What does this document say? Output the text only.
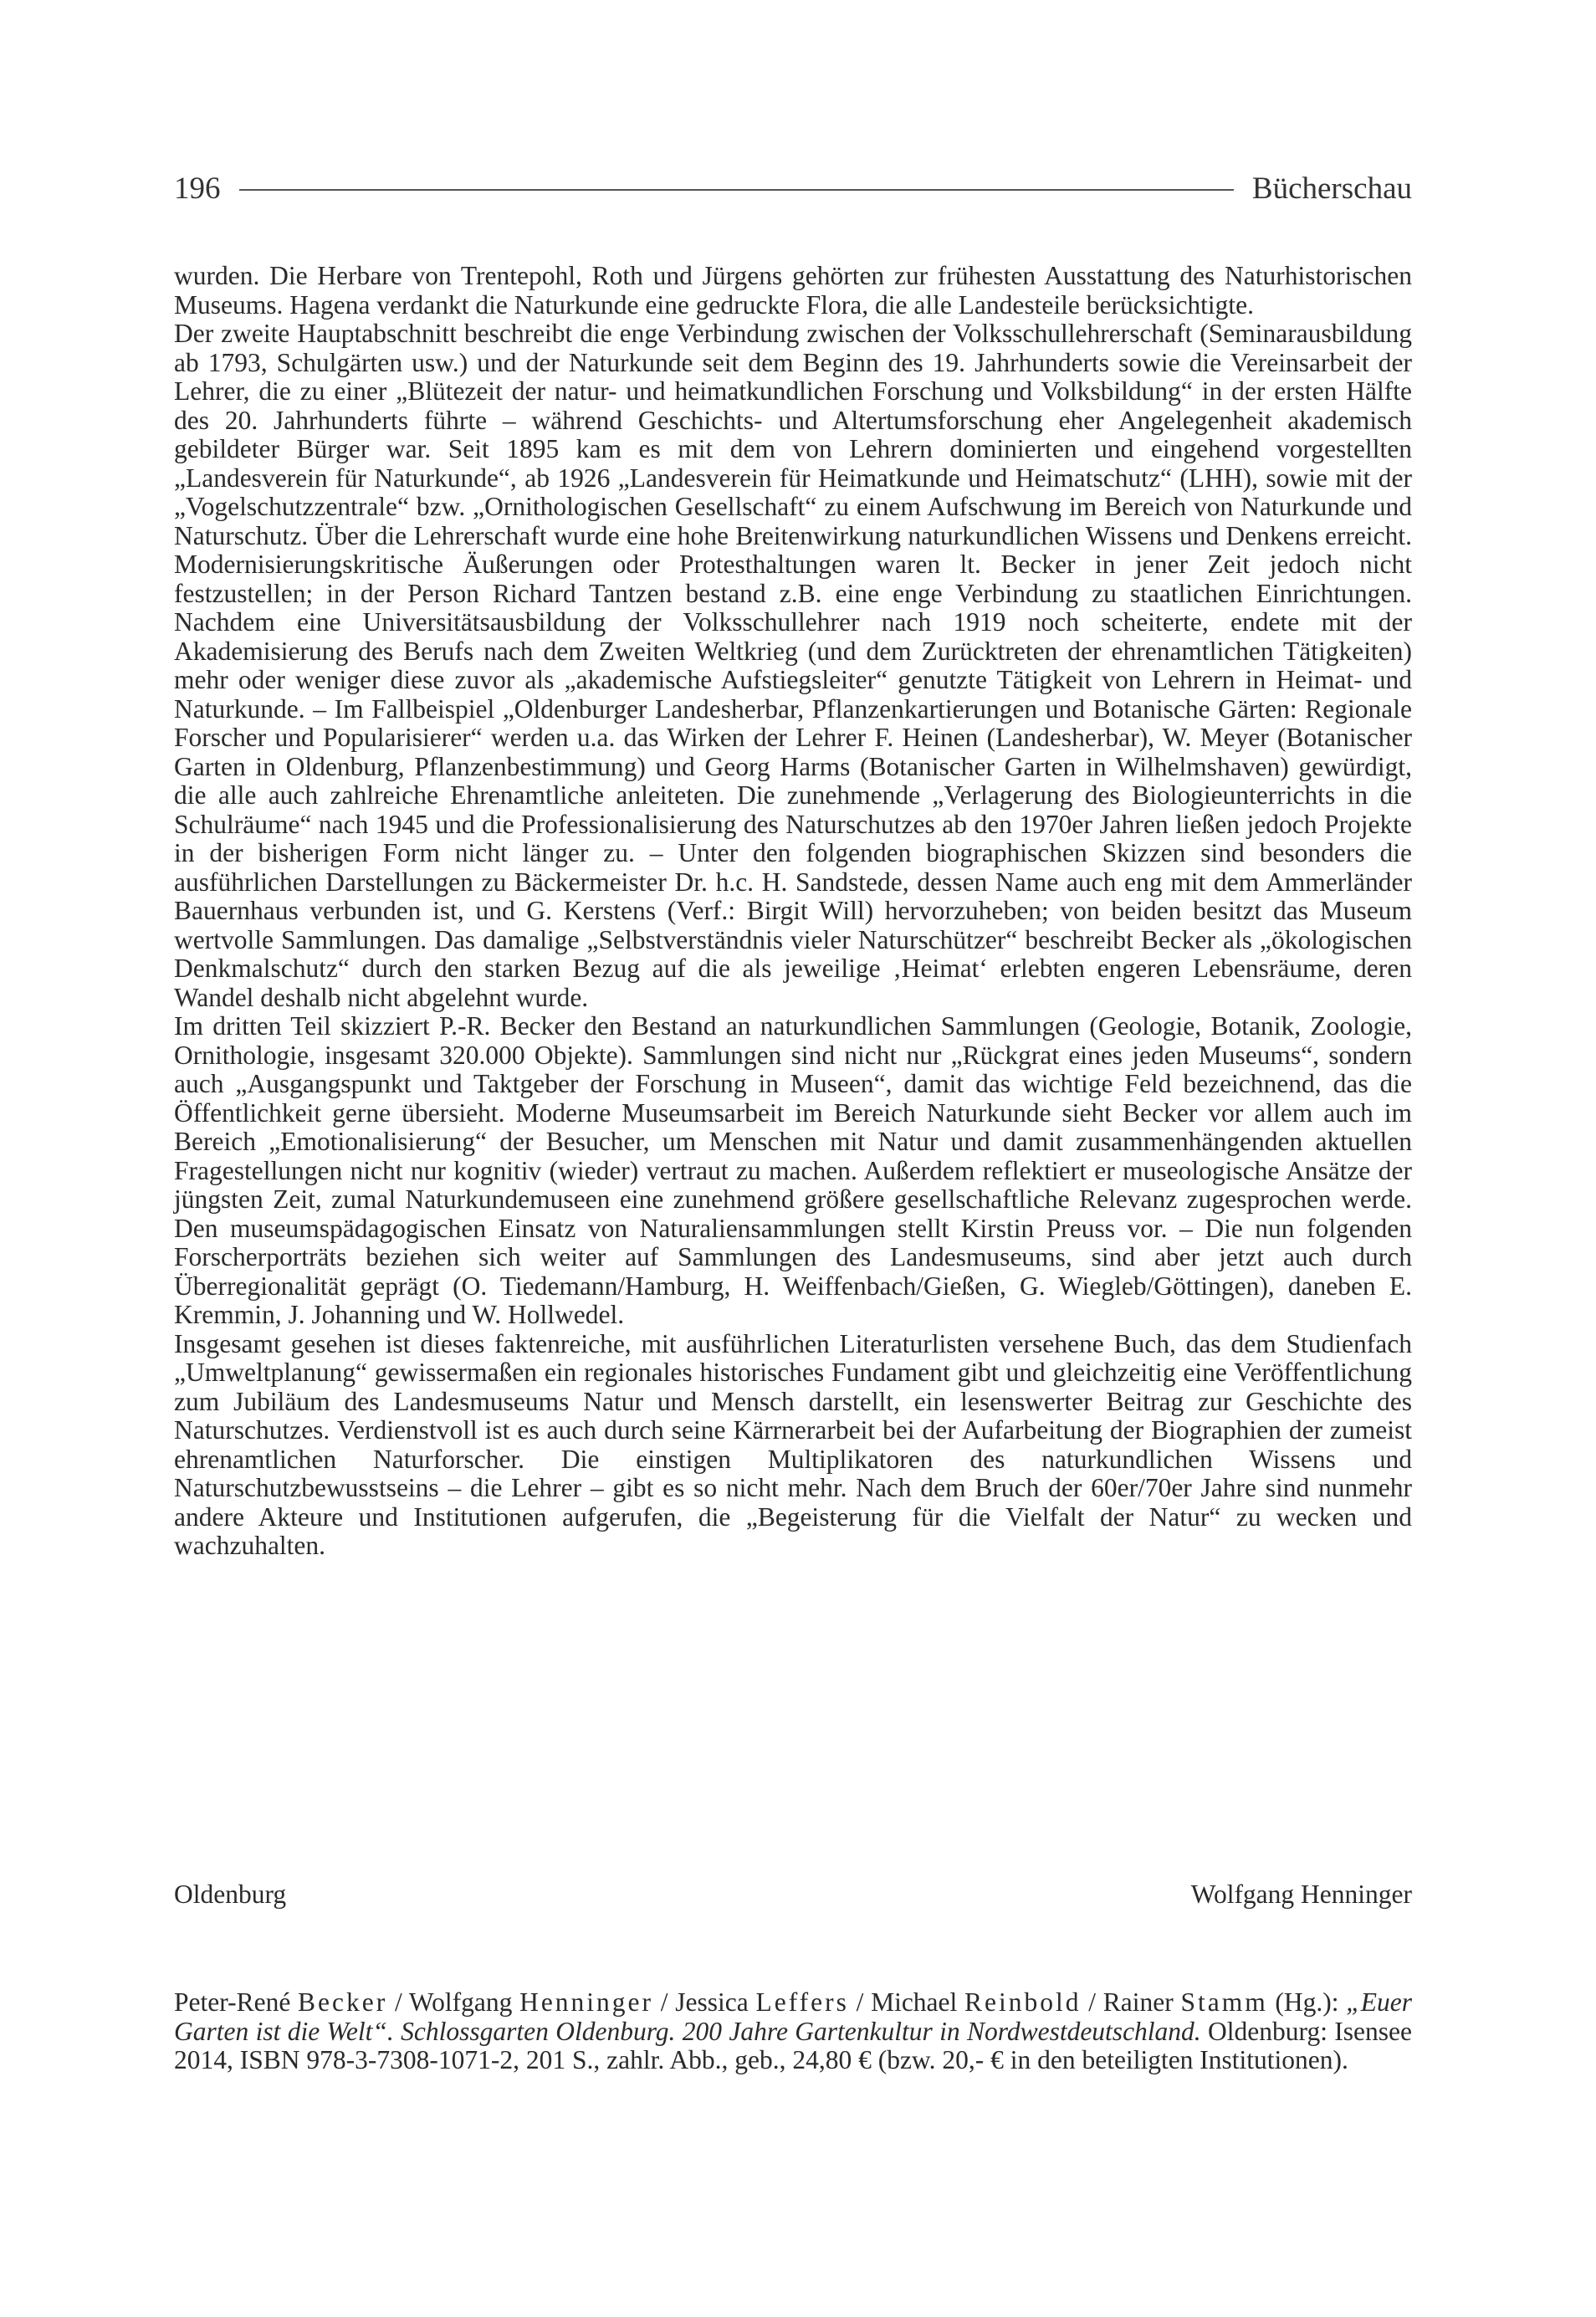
196	Bücherschau

wurden. Die Herbare von Trentepohl, Roth und Jürgens gehörten zur frühesten Ausstattung des Naturhistorischen Museums. Hagena verdankt die Naturkunde eine gedruckte Flora, die alle Landesteile berücksichtigte.

Der zweite Hauptabschnitt beschreibt die enge Verbindung zwischen der Volksschullehrerschaft (Seminarausbildung ab 1793, Schulgärten usw.) und der Naturkunde seit dem Beginn des 19. Jahrhunderts sowie die Vereinsarbeit der Lehrer, die zu einer „Blütezeit der natur- und heimatkundlichen Forschung und Volksbildung“ in der ersten Hälfte des 20. Jahrhunderts führte – während Geschichts- und Altertumsforschung eher Angelegenheit akademisch gebildeter Bürger war. Seit 1895 kam es mit dem von Lehrern dominierten und eingehend vorgestellten „Landesverein für Naturkunde“, ab 1926 „Landesverein für Heimatkunde und Heimatschutz“ (LHH), sowie mit der „Vogelschutzzentrale“ bzw. „Ornithologischen Gesellschaft“ zu einem Aufschwung im Bereich von Naturkunde und Naturschutz. Über die Lehrerschaft wurde eine hohe Breitenwirkung naturkundlichen Wissens und Denkens erreicht. Modernisierungskritische Äußerungen oder Protesthaltungen waren lt. Becker in jener Zeit jedoch nicht festzustellen; in der Person Richard Tantzen bestand z.B. eine enge Verbindung zu staatlichen Einrichtungen. Nachdem eine Universitätsausbildung der Volksschullehrer nach 1919 noch scheiterte, endete mit der Akademisierung des Berufs nach dem Zweiten Weltkrieg (und dem Zurücktreten der ehrenamtlichen Tätigkeiten) mehr oder weniger diese zuvor als „akademische Aufstiegsleiter“ genutzte Tätigkeit von Lehrern in Heimat- und Naturkunde. – Im Fallbeispiel „Oldenburger Landesherbar, Pflanzenkartierungen und Botanische Gärten: Regionale Forscher und Popularisierer“ werden u.a. das Wirken der Lehrer F. Heinen (Landesherbar), W. Meyer (Botanischer Garten in Oldenburg, Pflanzenbestimmung) und Georg Harms (Botanischer Garten in Wilhelmshaven) gewürdigt, die alle auch zahlreiche Ehrenamtliche anleiteten. Die zunehmende „Verlagerung des Biologieunterrichts in die Schulräume“ nach 1945 und die Professionalisierung des Naturschutzes ab den 1970er Jahren ließen jedoch Projekte in der bisherigen Form nicht länger zu. – Unter den folgenden biographischen Skizzen sind besonders die ausführlichen Darstellungen zu Bäckermeister Dr. h.c. H. Sandstede, dessen Name auch eng mit dem Ammerländer Bauernhaus verbunden ist, und G. Kerstens (Verf.: Birgit Will) hervorzuheben; von beiden besitzt das Museum wertvolle Sammlungen. Das damalige „Selbstverständnis vieler Naturschützer“ beschreibt Becker als „ökologischen Denkmalschutz“ durch den starken Bezug auf die als jeweilige ‚Heimat‘ erlebten engeren Lebensräume, deren Wandel deshalb nicht abgelehnt wurde.

Im dritten Teil skizziert P.-R. Becker den Bestand an naturkundlichen Sammlungen (Geologie, Botanik, Zoologie, Ornithologie, insgesamt 320.000 Objekte). Sammlungen sind nicht nur „Rückgrat eines jeden Museums“, sondern auch „Ausgangspunkt und Taktgeber der Forschung in Museen“, damit das wichtige Feld bezeichnend, das die Öffentlichkeit gerne übersieht. Moderne Museumsarbeit im Bereich Naturkunde sieht Becker vor allem auch im Bereich „Emotionalisierung“ der Besucher, um Menschen mit Natur und damit zusammenhängenden aktuellen Fragestellungen nicht nur kognitiv (wieder) vertraut zu machen. Außerdem reflektiert er museologische Ansätze der jüngsten Zeit, zumal Naturkundemuseen eine zunehmend größere gesellschaftliche Relevanz zugesprochen werde. Den museumspädagogischen Einsatz von Naturaliensammlungen stellt Kirstin Preuss vor. – Die nun folgenden Forscherporträts beziehen sich weiter auf Sammlungen des Landesmuseums, sind aber jetzt auch durch Überregionalität geprägt (O. Tiedemann/Hamburg, H. Weiffenbach/Gießen, G. Wiegleb/Göttingen), daneben E. Kremmin, J. Johanning und W. Hollwedel.

Insgesamt gesehen ist dieses faktenreiche, mit ausführlichen Literaturlisten versehene Buch, das dem Studienfach „Umweltplanung“ gewissermaßen ein regionales historisches Fundament gibt und gleichzeitig eine Veröffentlichung zum Jubiläum des Landesmuseums Natur und Mensch darstellt, ein lesenswerter Beitrag zur Geschichte des Naturschutzes. Verdienstvoll ist es auch durch seine Kärrnerarbeit bei der Aufarbeitung der Biographien der zumeist ehrenamtlichen Naturforscher. Die einstigen Multiplikatoren des naturkundlichen Wissens und Naturschutzbewusstseins – die Lehrer – gibt es so nicht mehr. Nach dem Bruch der 60er/70er Jahre sind nunmehr andere Akteure und Institutionen aufgerufen, die „Begeisterung für die Vielfalt der Natur“ zu wecken und wachzuhalten.

Oldenburg	Wolfgang Henninger
Peter-René Becker / Wolfgang Henninger / Jessica Leffers / Michael Reinbold / Rainer Stamm (Hg.): „Euer Garten ist die Welt“. Schlossgarten Oldenburg. 200 Jahre Gartenkultur in Nordwestdeutschland. Oldenburg: Isensee 2014, ISBN 978-3-7308-1071-2, 201 S., zahlr. Abb., geb., 24,80 € (bzw. 20,- € in den beteiligten Institutionen).
